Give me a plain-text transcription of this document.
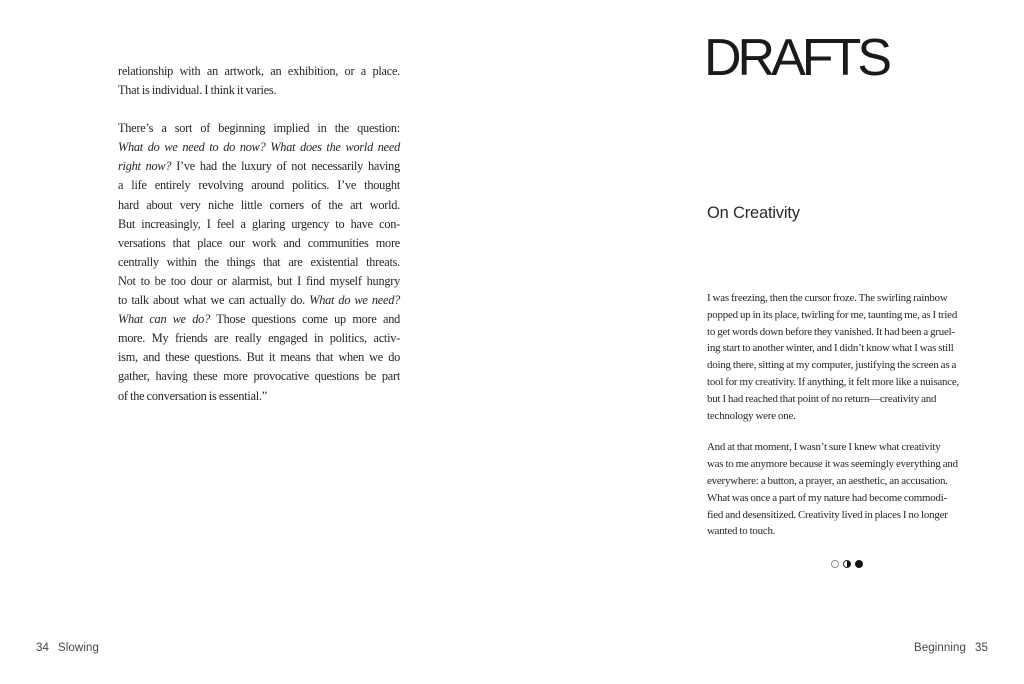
relationship with an artwork, an exhibition, or a place.
That is individual. I think it varies.
There’s a sort of beginning implied in the question:
What do we need to do now? What does the world need
right now? I’ve had the luxury of not necessarily having
a life entirely revolving around politics. I’ve thought
hard about very niche little corners of the art world.
But increasingly, I feel a glaring urgency to have con-
versations that place our work and communities more
centrally within the things that are existential threats.
Not to be too dour or alarmist, but I find myself hungry
to talk about what we can actually do. What do we need?
What can we do? Those questions come up more and
more. My friends are really engaged in politics, activ-
ism, and these questions. But it means that when we do
gather, having these more provocative questions be part
of the conversation is essential.”
34 Slowing
DRAFTS
On Creativity
I was freezing, then the cursor froze. The swirling rainbow
popped up in its place, twirling for me, taunting me, as I tried
to get words down before they vanished. It had been a gruel-
ing start to another winter, and I didn’t know what I was still
doing there, sitting at my computer, justifying the screen as a
tool for my creativity. If anything, it felt more like a nuisance,
but I had reached that point of no return—creativity and
technology were one.
And at that moment, I wasn’t sure I knew what creativity
was to me anymore because it was seemingly everything and
everywhere: a button, a prayer, an aesthetic, an accusation.
What was once a part of my nature had become commodi-
fied and desensitized. Creativity lived in places I no longer
wanted to touch.
Beginning 35
